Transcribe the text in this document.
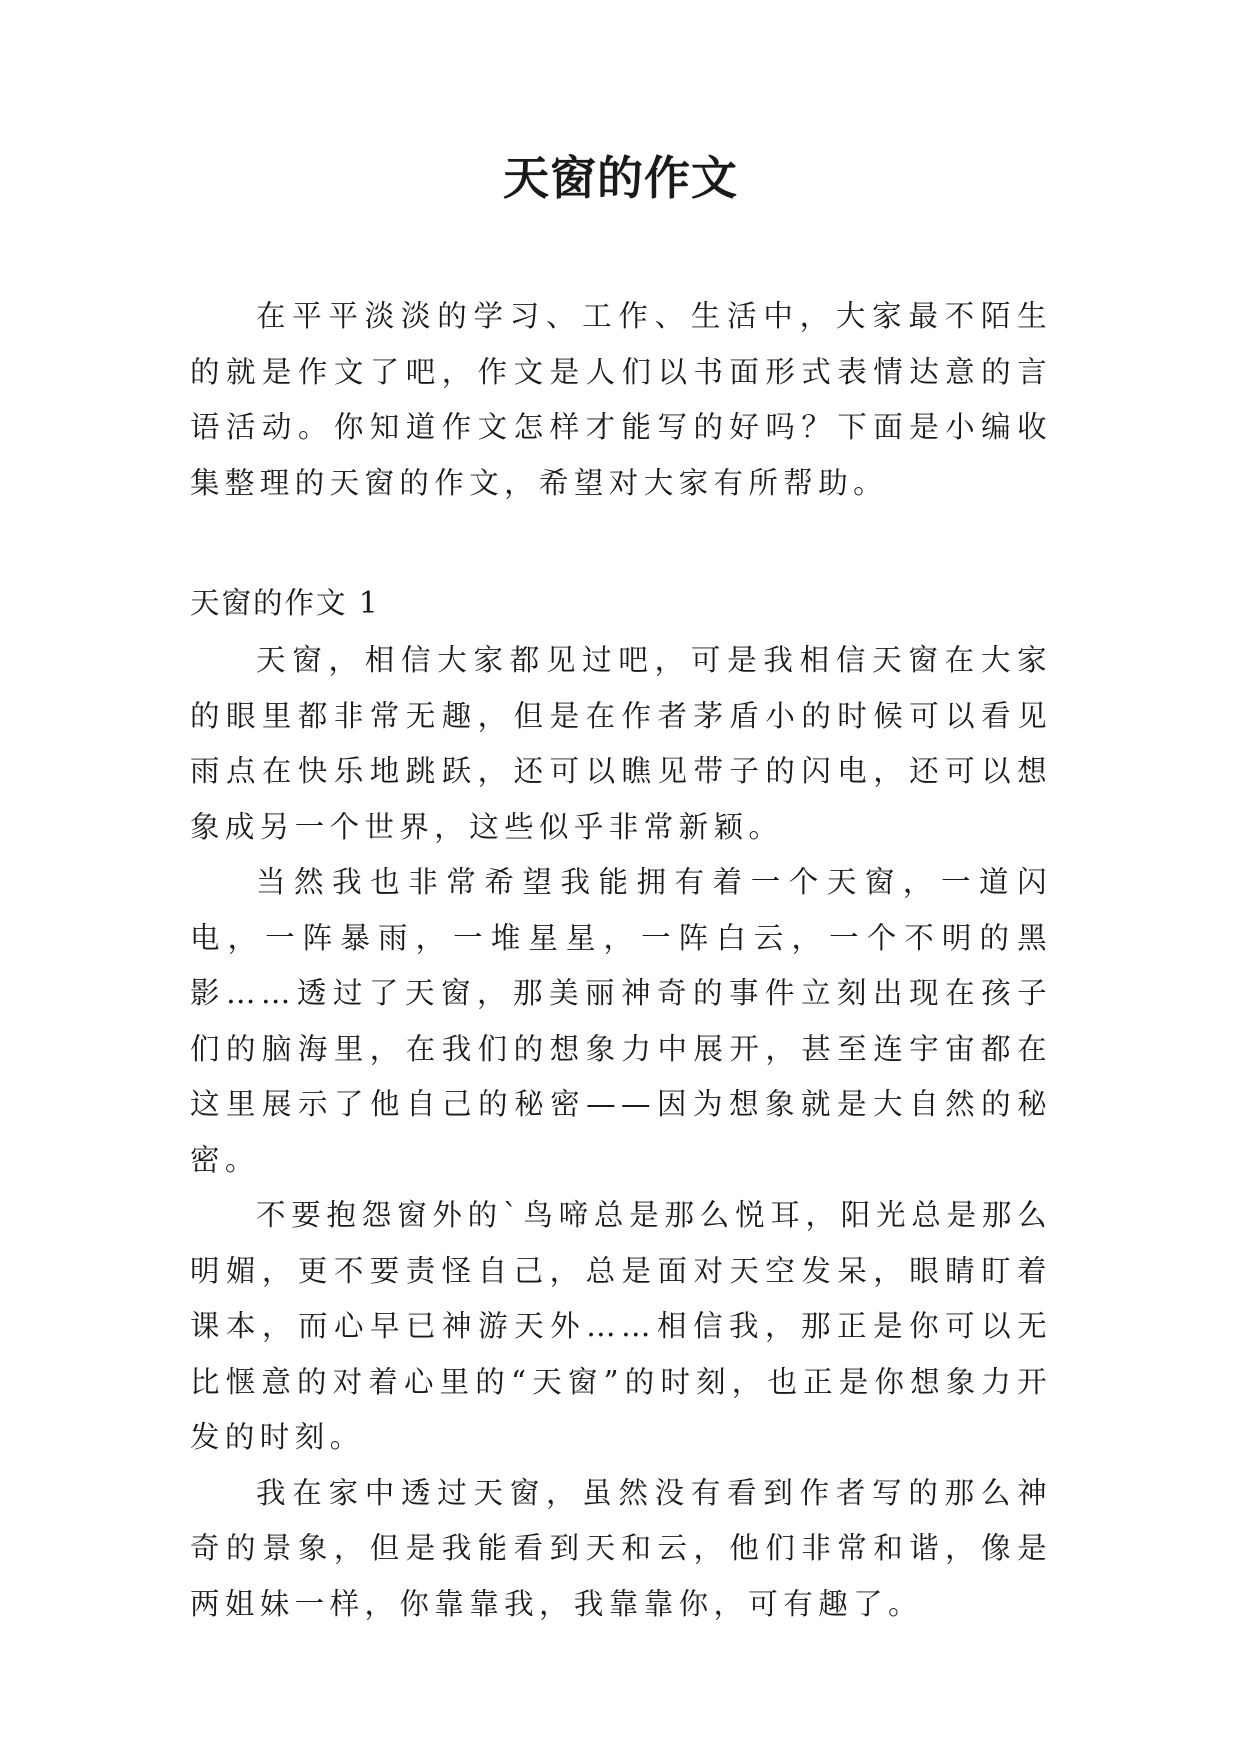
天窗的作文

在平平淡淡的学习、工作、生活中，大家最不陌生的就是作文了吧，作文是人们以书面形式表情达意的言语活动。你知道作文怎样才能写的好吗？下面是小编收集整理的天窗的作文，希望对大家有所帮助。

天窗的作文 1

天窗，相信大家都见过吧，可是我相信天窗在大家的眼里都非常无趣，但是在作者茅盾小的时候可以看见雨点在快乐地跳跃，还可以瞧见带子的闪电，还可以想象成另一个世界，这些似乎非常新颖。

当然我也非常希望我能拥有着一个天窗，一道闪电，一阵暴雨，一堆星星，一阵白云，一个不明的黑影……透过了天窗，那美丽神奇的事件立刻出现在孩子们的脑海里，在我们的想象力中展开，甚至连宇宙都在这里展示了他自己的秘密——因为想象就是大自然的秘密。

不要抱怨窗外的`鸟啼总是那么悦耳，阳光总是那么明媚，更不要责怪自己，总是面对天空发呆，眼睛盯着课本，而心早已神游天外……相信我，那正是你可以无比惬意的对着心里的“天窗”的时刻，也正是你想象力开发的时刻。

我在家中透过天窗，虽然没有看到作者写的那么神奇的景象，但是我能看到天和云，他们非常和谐，像是两姐妹一样，你靠靠我，我靠靠你，可有趣了。
